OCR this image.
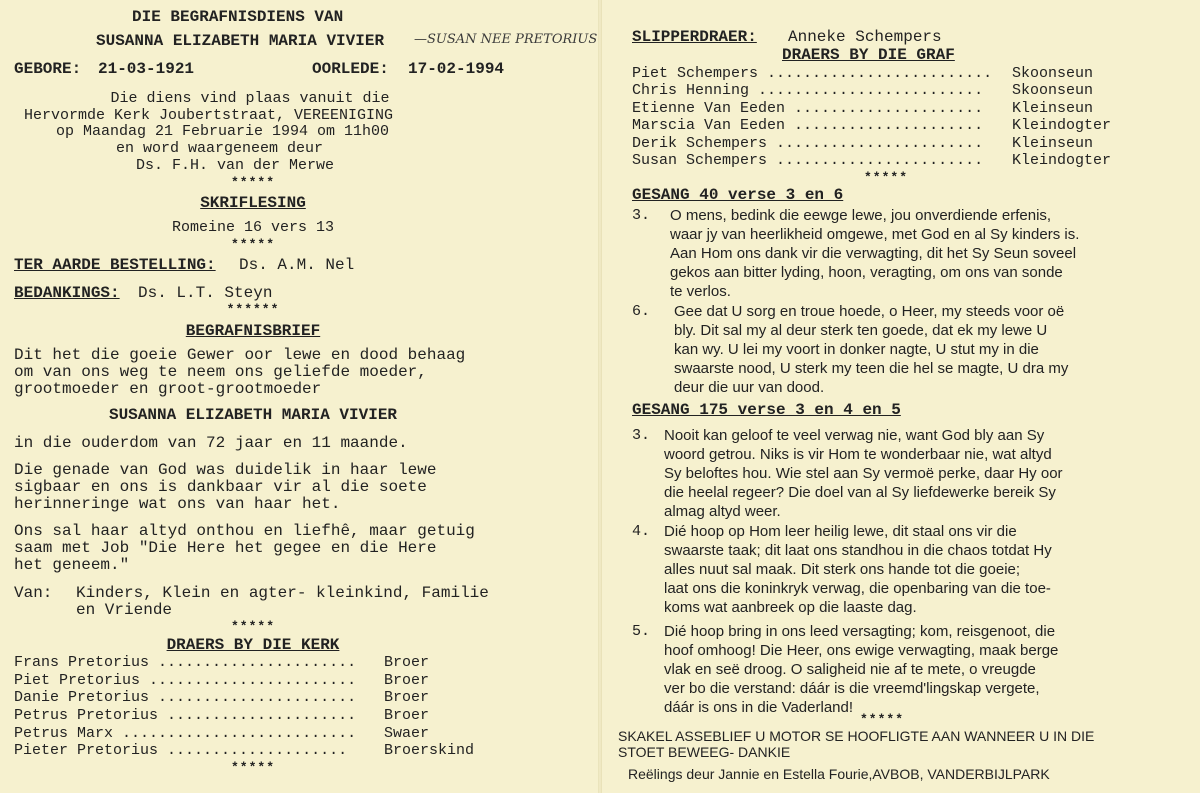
DIE BEGRAFNISDIENS VAN
SUSANNA ELIZABETH MARIA VIVIER —SUSAN NEE PRETORIUS
GEBORE: 21-03-1921	OORLEDE: 17-02-1994
Die diens vind plaas vanuit die
Hervormde Kerk Joubertstraat, VEREENIGING
op Maandag 21 Februarie 1994 om 11h00
en word waargeneem deur
Ds. F.H. van der Merwe
*****
SKRIFLESING
Romeine 16 vers 13
*****
TER AARDE BESTELLING: Ds. A.M. Nel
BEDANKINGS: Ds. L.T. Steyn
******
BEGRAFNISBRIEF
Dit het die goeie Gewer oor lewe en dood behaag
om van ons weg te neem ons geliefde moeder,
grootmoeder en groot-grootmoeder
SUSANNA ELIZABETH MARIA VIVIER
in die ouderdom van 72 jaar en 11 maande.
Die genade van God was duidelik in haar lewe
sigbaar en ons is dankbaar vir al die soete
herinneringe wat ons van haar het.
Ons sal haar altyd onthou en liefhê, maar getuig
saam met Job "Die Here het gegee en die Here
het geneem."
Van: Kinders, Klein en agter- kleinkind, Familie
en Vriende
*****
DRAERS BY DIE KERK
Frans Pretorius ...................... Broer
Piet Pretorius ....................... Broer
Danie Pretorius ...................... Broer
Petrus Pretorius ..................... Broer
Petrus Marx .......................... Swaer
Pieter Pretorius .................... Broerskind
*****
SLIPPERDRAER: Anneke Schempers
DRAERS BY DIE GRAF
Piet Schempers ......................... Skoonseun
Chris Henning ......................... Skoonseun
Etienne Van Eeden ..................... Kleinseun
Marscia Van Eeden ..................... Kleindogter
Derik Schempers ....................... Kleinseun
Susan Schempers ....................... Kleindogter
*****
GESANG 40 verse 3 en 6
3. O mens, bedink die eewge lewe, jou onverdiende erfenis,
waar jy van heerlikheid omgewe, met God en al Sy kinders is.
Aan Hom ons dank vir die verwagting, dit het Sy Seun soveel
gekos aan bitter lyding, hoon, veragting, om ons van sonde
te verlos.
6. Gee dat U sorg en troue hoede, o Heer, my steeds voor oë
bly. Dit sal my al deur sterk ten goede, dat ek my lewe U
kan wy. U lei my voort in donker nagte, U stut my in die
swaarste nood, U sterk my teen die hel se magte, U dra my
deur die uur van dood.
GESANG 175 verse 3 en 4 en 5
3. Nooit kan geloof te veel verwag nie, want God bly aan Sy
woord getrou. Niks is vir Hom te wonderbaar nie, wat altyd
Sy beloftes hou. Wie stel aan Sy vermoë perke, daar Hy oor
die heelal regeer? Die doel van al Sy liefdewerke bereik Sy
almag altyd weer.
4. Dié hoop op Hom leer heilig lewe, dit staal ons vir die
swaarste taak; dit laat ons standhou in die chaos totdat Hy
alles nuut sal maak. Dit sterk ons hande tot die goeie;
laat ons die koninkryk verwag, die openbaring van die toe-
koms wat aanbreek op die laaste dag.
5. Dié hoop bring in ons leed versagting; kom, reisgenoot, die
hoof omhoog! Die Heer, ons ewige verwagting, maak berge
vlak en seë droog. O saligheid nie af te mete, o vreugde
ver bo die verstand: dáár is die vreemd'lingskap vergete,
dáár is ons in die Vaderland!
*****
SKAKEL ASSEBLIEF U MOTOR SE HOOFLIGTE AAN WANNEER U IN DIE
STOET BEWEEG- DANKIE
Reëlings deur Jannie en Estella Fourie,AVBOB, VANDERBIJLPARK
